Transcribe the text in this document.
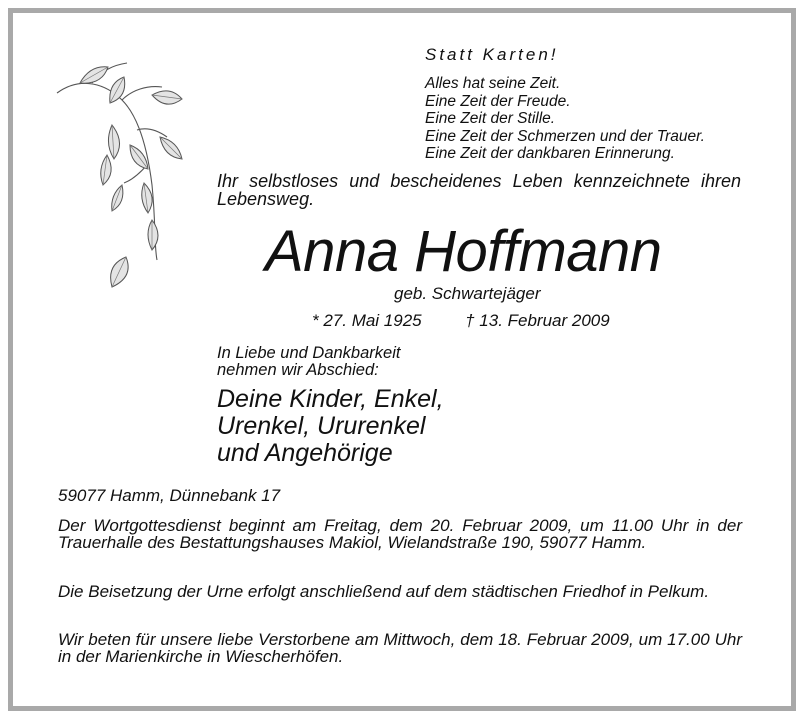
Statt Karten!
Alles hat seine Zeit.
Eine Zeit der Freude.
Eine Zeit der Stille.
Eine Zeit der Schmerzen und der Trauer.
Eine Zeit der dankbaren Erinnerung.
Ihr selbstloses und bescheidenes Leben kennzeichnete ihren Lebensweg.
Anna Hoffmann
geb. Schwartejäger
* 27. Mai 1925	† 13. Februar 2009
In Liebe und Dankbarkeit
nehmen wir Abschied:
Deine Kinder, Enkel,
Urenkel, Ururenkel
und Angehörige
59077 Hamm, Dünnebank 17
Der Wortgottesdienst beginnt am Freitag, dem 20. Februar 2009, um 11.00 Uhr in der Trauerhalle des Bestattungshauses Makiol, Wielandstraße 190, 59077 Hamm.
Die Beisetzung der Urne erfolgt anschließend auf dem städtischen Friedhof in Pelkum.
Wir beten für unsere liebe Verstorbene am Mittwoch, dem 18. Februar 2009, um 17.00 Uhr in der Marienkirche in Wiescherhöfen.
